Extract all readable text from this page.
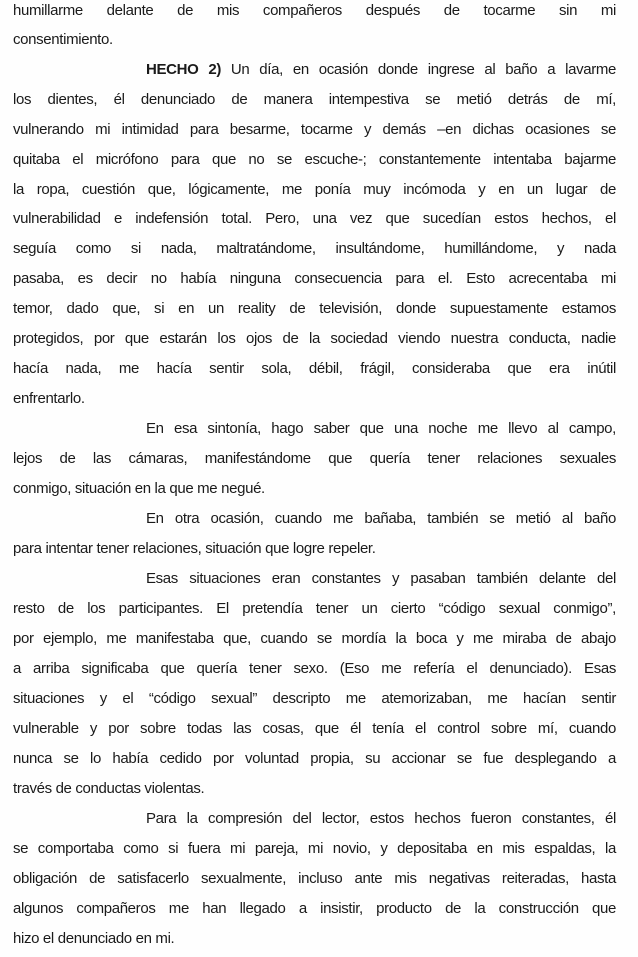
humillarme delante de mis compañeros después de tocarme sin mi
consentimiento.
HECHO 2) Un día, en ocasión donde ingrese al baño a lavarme
los dientes, él denunciado de manera intempestiva se metió detrás de mí,
vulnerando mi intimidad para besarme, tocarme y demás –en dichas ocasiones se
quitaba el micrófono para que no se escuche-; constantemente intentaba bajarme
la ropa, cuestión que, lógicamente, me ponía muy incómoda y en un lugar de
vulnerabilidad e indefensión total. Pero, una vez que sucedían estos hechos, el
seguía como si nada, maltratándome, insultándome, humillándome, y nada
pasaba, es decir no había ninguna consecuencia para el. Esto acrecentaba mi
temor, dado que, si en un reality de televisión, donde supuestamente estamos
protegidos, por que estarán los ojos de la sociedad viendo nuestra conducta, nadie
hacía nada, me hacía sentir sola, débil, frágil, consideraba que era inútil
enfrentarlo.
En esa sintonía, hago saber que una noche me llevo al campo,
lejos de las cámaras, manifestándome que quería tener relaciones sexuales
conmigo, situación en la que me negué.
En otra ocasión, cuando me bañaba, también se metió al baño
para intentar tener relaciones, situación que logre repeler.
Esas situaciones eran constantes y pasaban también delante del
resto de los participantes. El pretendía tener un cierto “código sexual conmigo”,
por ejemplo, me manifestaba que, cuando se mordía la boca y me miraba de abajo
a arriba significaba que quería tener sexo. (Eso me refería el denunciado). Esas
situaciones y el “código sexual” descripto me atemorizaban, me hacían sentir
vulnerable y por sobre todas las cosas, que él tenía el control sobre mí, cuando
nunca se lo había cedido por voluntad propia, su accionar se fue desplegando a
través de conductas violentas.
Para la compresión del lector, estos hechos fueron constantes, él
se comportaba como si fuera mi pareja, mi novio, y depositaba en mis espaldas, la
obligación de satisfacerlo sexualmente, incluso ante mis negativas reiteradas, hasta
algunos compañeros me han llegado a insistir, producto de la construcción que
hizo el denunciado en mi.
